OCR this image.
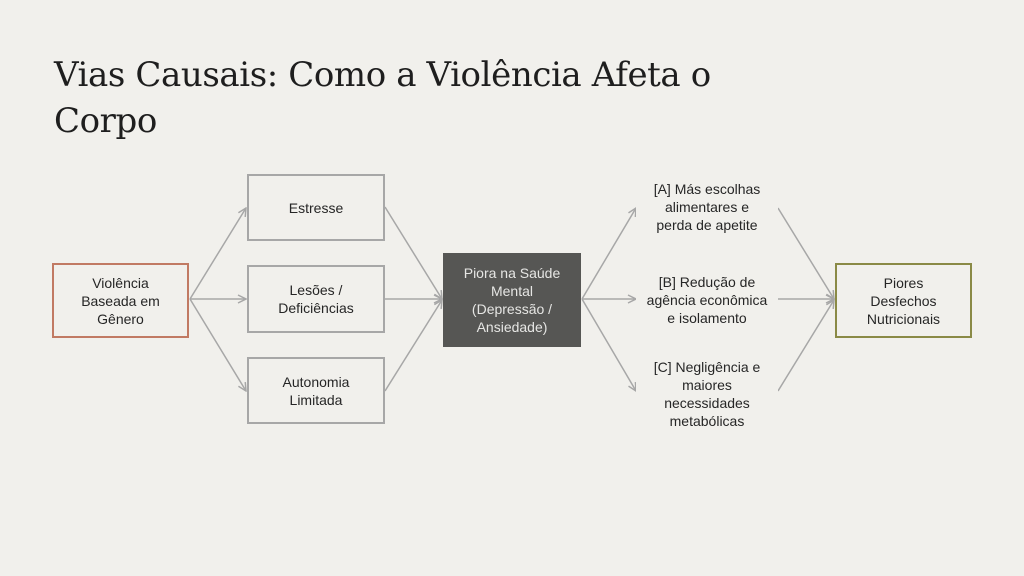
Vias Causais: Como a Violência Afeta o Corpo
Violência
Baseada em
Gênero
Estresse
Lesões /
Deficiências
Autonomia
Limitada
Piora na Saúde
Mental
(Depressão /
Ansiedade)
[A] Más escolhas
alimentares e
perda de apetite
[B] Redução de
agência econômica
e isolamento
[C] Negligência e
maiores
necessidades
metabólicas
Piores
Desfechos
Nutricionais
